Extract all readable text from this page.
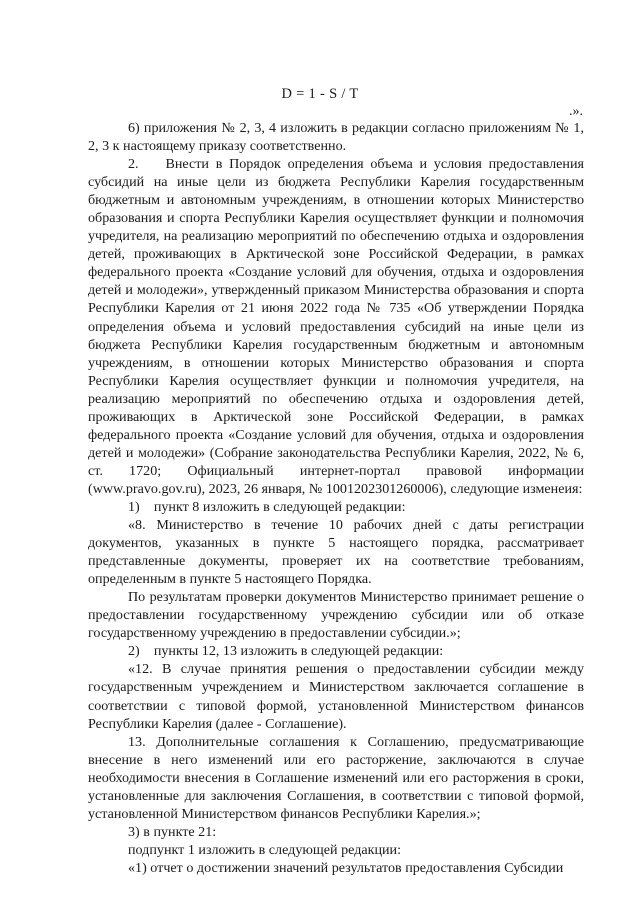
D = 1 - S / T
.».

6) приложения № 2, 3, 4 изложить в редакции согласно приложениям № 1, 2, 3 к настоящему приказу соответственно.

2.    Внести в Порядок определения объема и условия предоставления субсидий на иные цели из бюджета Республики Карелия государственным бюджетным и автономным учреждениям, в отношении которых Министерство образования и спорта Республики Карелия осуществляет функции и полномочия учредителя, на реализацию мероприятий по обеспечению отдыха и оздоровления детей, проживающих в Арктической зоне Российской Федерации, в рамках федерального проекта «Создание условий для обучения, отдыха и оздоровления детей и молодежи», утвержденный приказом Министерства образования и спорта Республики Карелия от 21 июня 2022 года № 735 «Об утверждении Порядка определения объема и условий предоставления субсидий на иные цели из бюджета Республики Карелия государственным бюджетным и автономным учреждениям, в отношении которых Министерство образования и спорта Республики Карелия осуществляет функции и полномочия учредителя, на реализацию мероприятий по обеспечению отдыха и оздоровления детей, проживающих в Арктической зоне Российской Федерации, в рамках федерального проекта «Создание условий для обучения, отдыха и оздоровления детей и молодежи» (Собрание законодательства Республики Карелия, 2022, № 6, ст. 1720; Официальный интернет-портал правовой информации (www.pravo.gov.ru), 2023, 26 января, № 1001202301260006), следующие изменеия:

1)    пункт 8 изложить в следующей редакции:

«8. Министерство в течение 10 рабочих дней с даты регистрации документов, указанных в пункте 5 настоящего порядка, рассматривает представленные документы, проверяет их на соответствие требованиям, определенным в пункте 5 настоящего Порядка.

По результатам проверки документов Министерство принимает решение о предоставлении государственному учреждению субсидии или об отказе государственному учреждению в предоставлении субсидии.»;

2)    пункты 12, 13 изложить в следующей редакции:

«12. В случае принятия решения о предоставлении субсидии между государственным учреждением и Министерством заключается соглашение в соответствии с типовой формой, установленной Министерством финансов Республики Карелия (далее - Соглашение).

13. Дополнительные соглашения к Соглашению, предусматривающие внесение в него изменений или его расторжение, заключаются в случае необходимости внесения в Соглашение изменений или его расторжения в сроки, установленные для заключения Соглашения, в соответствии с типовой формой, установленной Министерством финансов Республики Карелия.»;

3) в пункте 21:

подпункт 1 изложить в следующей редакции:

«1) отчет о достижении значений результатов предоставления Субсидии
